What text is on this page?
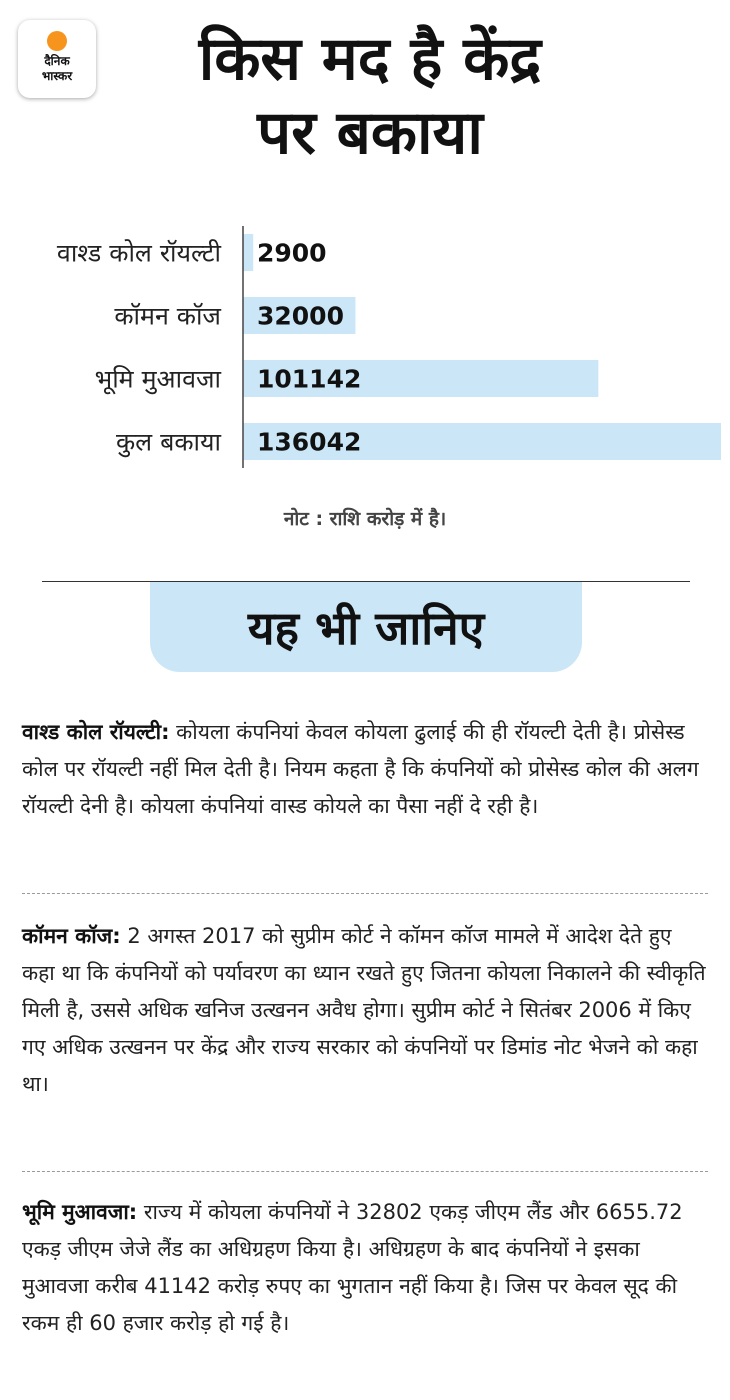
दैनिक
भास्कर	किस मद है केंद्र
पर बकाया
वाश्ड कोल रॉयल्टी 2900
कॉमन कॉज 32000
भूमि मुआवजा 101142
कुल बकाया 136042
नोट : राशि करोड़ में है।
यह भी जानिए

वाश्ड कोल रॉयल्टी: कोयला कंपनियां केवल कोयला ढुलाई की ही रॉयल्टी देती है। प्रोसेस्ड कोल पर रॉयल्टी नहीं मिल देती है। नियम कहता है कि कंपनियों को प्रोसेस्ड कोल की अलग रॉयल्टी देनी है। कोयला कंपनियां वास्ड कोयले का पैसा नहीं दे रही है।

कॉमन कॉज: 2 अगस्त 2017 को सुप्रीम कोर्ट ने कॉमन कॉज मामले में आदेश देते हुए कहा था कि कंपनियों को पर्यावरण का ध्यान रखते हुए जितना कोयला निकालने की स्वीकृति मिली है, उससे अधिक खनिज उत्खनन अवैध होगा। सुप्रीम कोर्ट ने सितंबर 2006 में किए गए अधिक उत्खनन पर केंद्र और राज्य सरकार को कंपनियों पर डिमांड नोट भेजने को कहा था।

भूमि मुआवजा: राज्य में कोयला कंपनियों ने 32802 एकड़ जीएम लैंड और 6655.72 एकड़ जीएम जेजे लैंड का अधिग्रहण किया है। अधिग्रहण के बाद कंपनियों ने इसका मुआवजा करीब 41142 करोड़ रुपए का भुगतान नहीं किया है। जिस पर केवल सूद की रकम ही 60 हजार करोड़ हो गई है।
